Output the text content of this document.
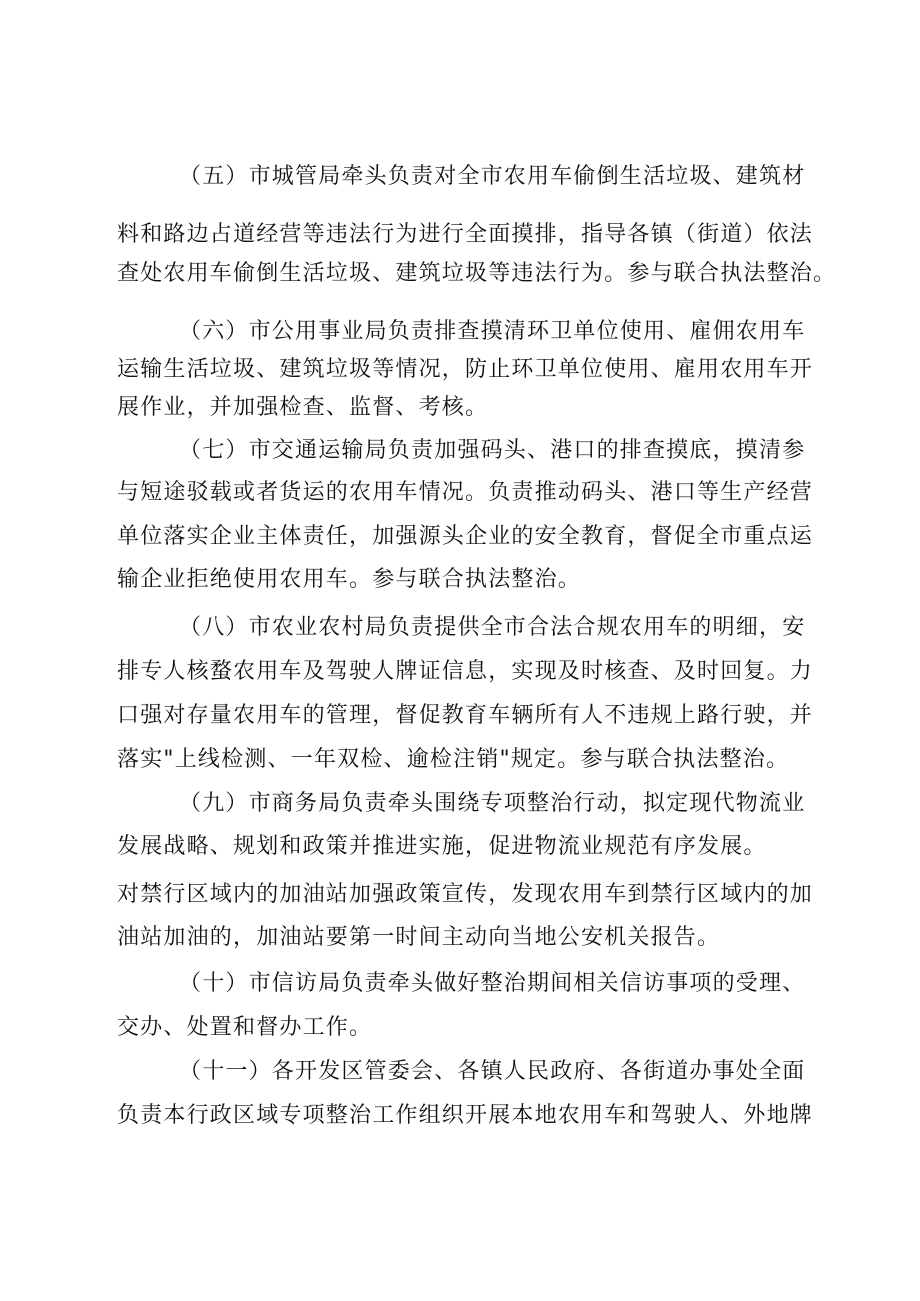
（五）市城管局牵头负责对全市农用车偷倒生活垃圾、建筑材
料和路边占道经营等违法行为进行全面摸排，指导各镇（街道）依法
查处农用车偷倒生活垃圾、建筑垃圾等违法行为。参与联合执法整治。
（六）市公用事业局负责排查摸清环卫单位使用、雇佣农用车
运输生活垃圾、建筑垃圾等情况，防止环卫单位使用、雇用农用车开
展作业，并加强检查、监督、考核。
（七）市交通运输局负责加强码头、港口的排查摸底，摸清参
与短途驳载或者货运的农用车情况。负责推动码头、港口等生产经营
单位落实企业主体责任，加强源头企业的安全教育，督促全市重点运
输企业拒绝使用农用车。参与联合执法整治。
（八）市农业农村局负责提供全市合法合规农用车的明细，安
排专人核蝥农用车及驾驶人牌证信息，实现及时核查、及时回复。力
口强对存量农用车的管理，督促教育车辆所有人不违规上路行驶，并
落实"上线检测、一年双检、逾检注销"规定。参与联合执法整治。
（九）市商务局负责牵头围绕专项整治行动，拟定现代物流业
发展战略、规划和政策并推进实施，促进物流业规范有序发展。
对禁行区域内的加油站加强政策宣传，发现农用车到禁行区域内的加
油站加油的，加油站要第一时间主动向当地公安机关报告。
（十）市信访局负责牵头做好整治期间相关信访事项的受理、
交办、处置和督办工作。
（十一）各开发区管委会、各镇人民政府、各街道办事处全面
负责本行政区域专项整治工作组织开展本地农用车和驾驶人、外地牌
